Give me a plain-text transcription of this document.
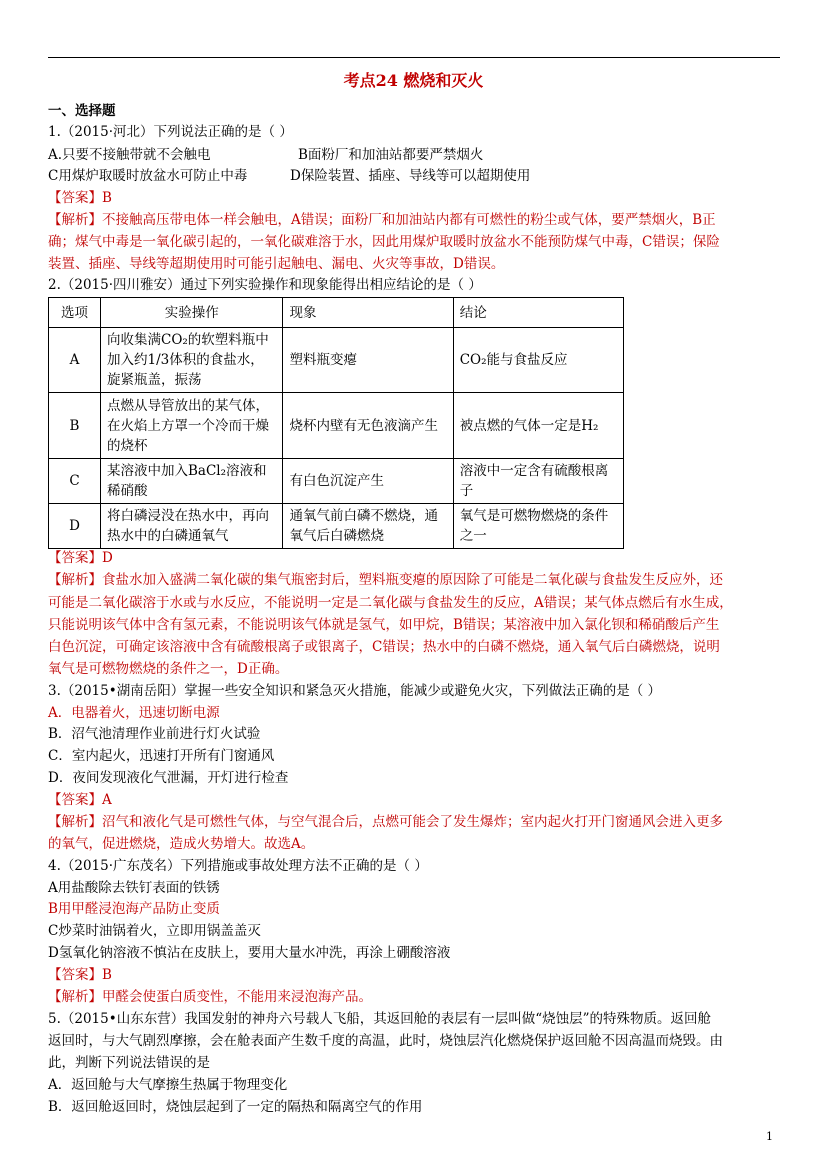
考点24 燃烧和灭火
一、选择题
1.（2015·河北）下列说法正确的是（ ）
A.只要不接触带就不会触电	B面粉厂和加油站都要严禁烟火
C用煤炉取暖时放盆水可防止中毒	D保险装置、插座、导线等可以超期使用
【答案】B
【解析】不接触高压带电体一样会触电，A错误；面粉厂和加油站内都有可燃性的粉尘或气体，要严禁烟火，B正
确；煤气中毒是一氧化碳引起的，一氧化碳难溶于水，因此用煤炉取暖时放盆水不能预防煤气中毒，C错误；保险
装置、插座、导线等超期使用时可能引起触电、漏电、火灾等事故，D错误。
2.（2015·四川雅安）通过下列实验操作和现象能得出相应结论的是（ ）
选项	实验操作	现象	结论
A	向收集满CO₂的软塑料瓶中加入约1/3体积的食盐水，旋紧瓶盖，振荡	塑料瓶变瘪	CO₂能与食盐反应
B	点燃从导管放出的某气体，在火焰上方罩一个冷而干燥的烧杯	烧杯内壁有无色液滴产生	被点燃的气体一定是H₂
C	某溶液中加入BaCl₂溶液和稀硝酸	有白色沉淀产生	溶液中一定含有硫酸根离子
D	将白磷浸没在热水中，再向热水中的白磷通氧气	通氧气前白磷不燃烧，通氧气后白磷燃烧	氧气是可燃物燃烧的条件之一
【答案】D
【解析】食盐水加入盛满二氧化碳的集气瓶密封后，塑料瓶变瘪的原因除了可能是二氧化碳与食盐发生反应外，还
可能是二氧化碳溶于水或与水反应，不能说明一定是二氧化碳与食盐发生的反应，A错误；某气体点燃后有水生成，
只能说明该气体中含有氢元素，不能说明该气体就是氢气，如甲烷，B错误；某溶液中加入氯化钡和稀硝酸后产生
白色沉淀，可确定该溶液中含有硫酸根离子或银离子，C错误；热水中的白磷不燃烧，通入氧气后白磷燃烧，说明
氧气是可燃物燃烧的条件之一，D正确。
3.（2015•湖南岳阳）掌握一些安全知识和紧急灭火措施，能减少或避免火灾，下列做法正确的是（ ）
A．电器着火，迅速切断电源
B．沼气池清理作业前进行灯火试验
C．室内起火，迅速打开所有门窗通风
D．夜间发现液化气泄漏，开灯进行检查
【答案】A
【解析】沼气和液化气是可燃性气体，与空气混合后，点燃可能会了发生爆炸；室内起火打开门窗通风会进入更多
的氧气，促进燃烧，造成火势增大。故选A。
4.（2015·广东茂名）下列措施或事故处理方法不正确的是（ ）
A用盐酸除去铁钉表面的铁锈
B用甲醛浸泡海产品防止变质
C炒菜时油锅着火，立即用锅盖盖灭
D氢氧化钠溶液不慎沾在皮肤上，要用大量水冲洗，再涂上硼酸溶液
【答案】B
【解析】甲醛会使蛋白质变性，不能用来浸泡海产品。
5.（2015•山东东营）我国发射的神舟六号载人飞船，其返回舱的表层有一层叫做“烧蚀层”的特殊物质。返回舱
返回时，与大气剧烈摩擦，会在舱表面产生数千度的高温，此时，烧蚀层汽化燃烧保护返回舱不因高温而烧毁。由
此，判断下列说法错误的是
A．返回舱与大气摩擦生热属于物理变化
B．返回舱返回时，烧蚀层起到了一定的隔热和隔离空气的作用
1
